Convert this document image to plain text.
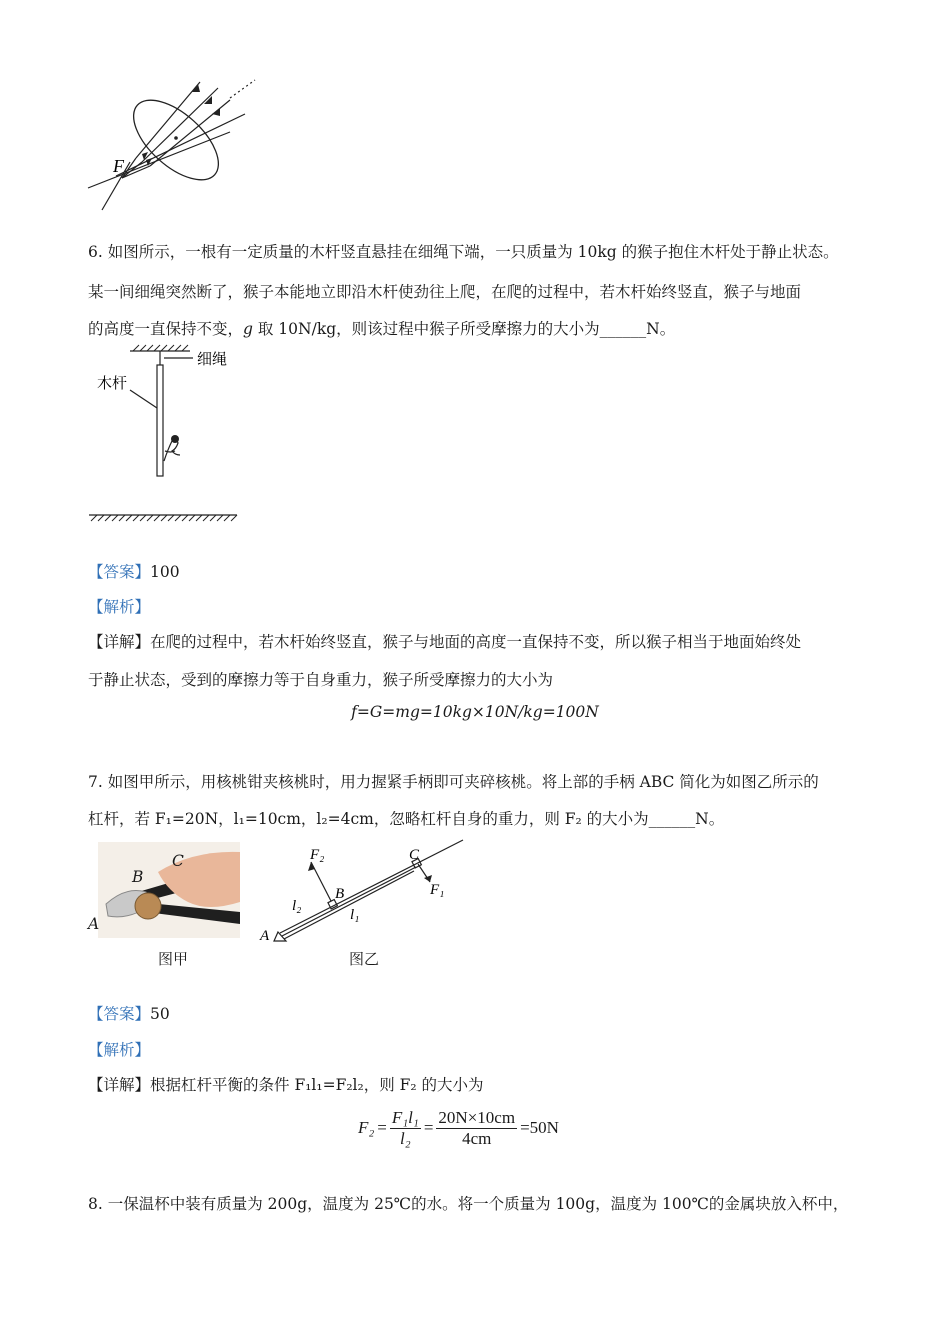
F
6. 如图所示，一根有一定质量的木杆竖直悬挂在细绳下端，一只质量为 10kg 的猴子抱住木杆处于静止状态。
某一间细绳突然断了，猴子本能地立即沿木杆使劲往上爬，在爬的过程中，若木杆始终竖直，猴子与地面
的高度一直保持不变，g 取 10N/kg，则该过程中猴子所受摩擦力的大小为______N。
细绳
木杆
【答案】100
【解析】
【详解】在爬的过程中，若木杆始终竖直，猴子与地面的高度一直保持不变，所以猴子相当于地面始终处
于静止状态，受到的摩擦力等于自身重力，猴子所受摩擦力的大小为
f=G=mg=10kg×10N/kg=100N
7. 如图甲所示，用核桃钳夹核桃时，用力握紧手柄即可夹碎核桃。将上部的手柄 ABC 简化为如图乙所示的
杠杆，若 F₁=20N，l₁=10cm，l₂=4cm，忽略杠杆自身的重力，则 F₂ 的大小为______N。
B
C
A
图甲
F₂
B
C
F₁
l₂
l₁
A
图乙
【答案】50
【解析】
【详解】根据杠杆平衡的条件 F₁l₁=F₂l₂，则 F₂ 的大小为
F₂ =
F₁l₁
l₂
=
20N×10cm
4cm
=50N
8. 一保温杯中装有质量为 200g，温度为 25℃的水。将一个质量为 100g，温度为 100℃的金属块放入杯中，
